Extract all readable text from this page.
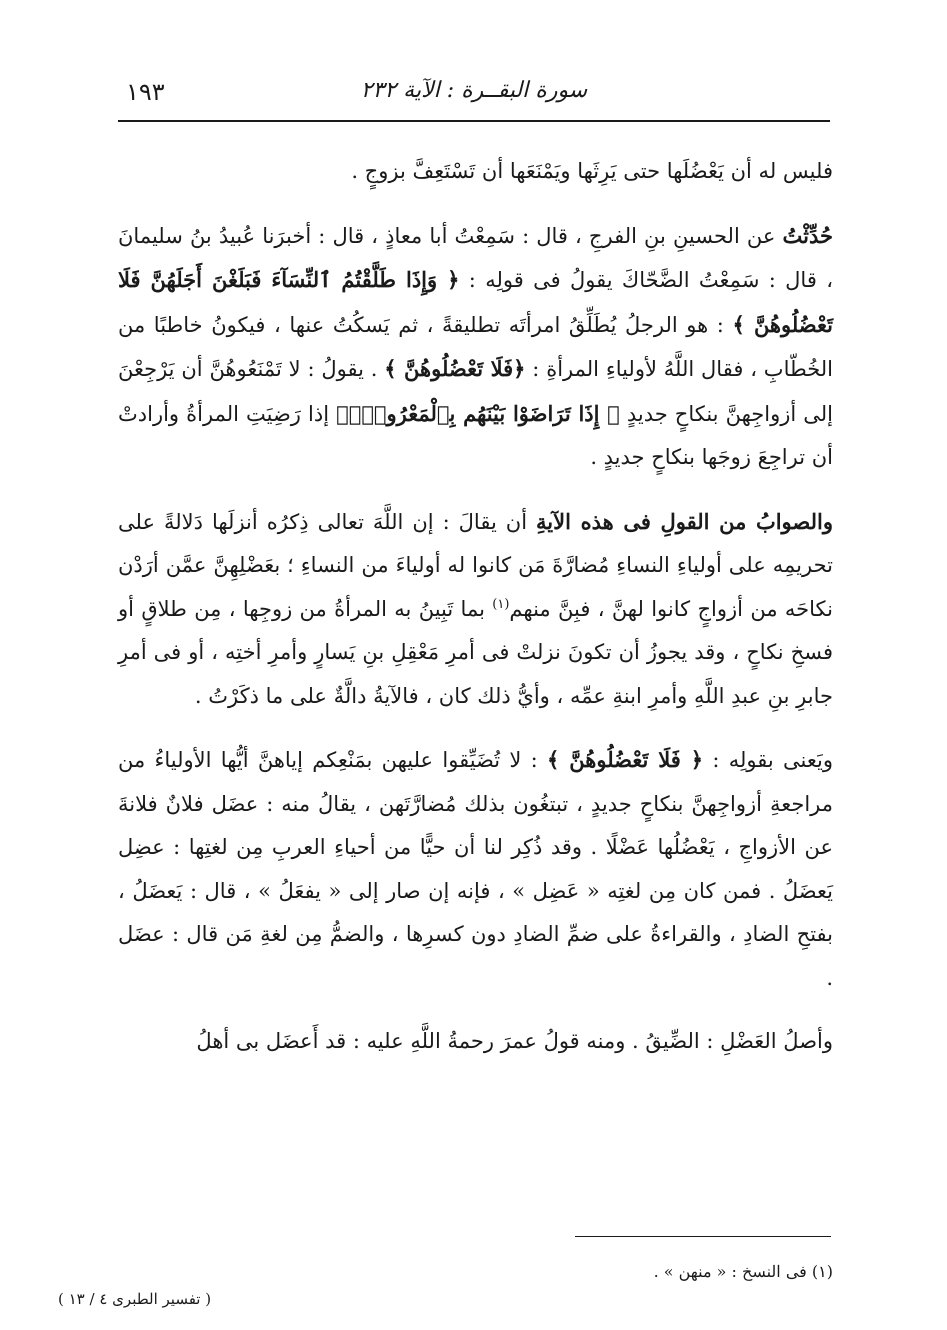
١٩٣	سورة البقــرة : الآية ٢٣٢

فليس له أن يَعْضُلَها حتى يَرِثَها ويَمْنَعَها أن تَسْتَعِفَّ بزوجٍ .

حُدِّثْتُ عن الحسينِ بنِ الفرجِ ، قال : سَمِعْتُ أبا معاذٍ ، قال : أخبرَنا عُبيدُ بنُ سليمانَ ، قال : سَمِعْتُ الضَّحّاكَ يقولُ فى قولِه : ﴿ وَإِذَا طَلَّقْتُمُ ٱلنِّسَآءَ فَبَلَغْنَ أَجَلَهُنَّ فَلَا تَعْضُلُوهُنَّ ﴾ : هو الرجلُ يُطَلِّقُ امرأتَه تطليقةً ، ثم يَسكُتُ عنها ، فيكونُ خاطبًا من الخُطّابِ ، فقال اللَّهُ لأولياءِ المرأةِ : ﴿فَلَا تَعْضُلُوهُنَّ ﴾ . يقولُ : لا تَمْنَعُوهُنَّ أن يَرْجِعْنَ إلى أزواجِهنَّ بنكاحٍ جديدٍ ﴿ إِذَا تَرَاضَوْا بَيْنَهُم بِٱلْمَعْرُوفِۗ﴾ إذا رَضِيَتِ المرأةُ وأرادتْ أن تراجِعَ زوجَها بنكاحٍ جديدٍ .

والصوابُ من القولِ فى هذه الآيةِ أن يقالَ : إن اللَّهَ تعالى ذِكرُه أنزلَها دَلالةً على تحريمِه على أولياءِ النساءِ مُضارَّةَ مَن كانوا له أولياءَ من النساءِ ؛ بعَضْلِهِنَّ عمَّن أرَدْن نكاحَه من أزواجٍ كانوا لهنَّ ، فبِنَّ منهم$^{(١)}$ بما تَبِينُ به المرأةُ من زوجِها ، مِن طلاقٍ أو فسخِ نكاحٍ ، وقد يجوزُ أن تكونَ نزلتْ فى أمرِ مَعْقِلِ بنِ يَسارٍ وأمرِ أختِه ، أو فى أمرِ جابرِ بنِ عبدِ اللَّهِ وأمرِ ابنةِ عمِّه ، وأيُّ ذلك كان ، فالآيةُ دالَّةٌ على ما ذكَرْتُ .

ويَعنى بقولِه : ﴿ فَلَا تَعْضُلُوهُنَّ ﴾ : لا تُضَيِّقوا عليهن بمَنْعِكم إياهنَّ أيُّها الأولياءُ من مراجعةِ أزواجِهنَّ بنكاحٍ جديدٍ ، تبتغُون بذلك مُضارَّتَهن ، يقالُ منه : عضَل فلانٌ فلانةَ عن الأزواجِ ، يَعْضُلُها عَضْلًا . وقد ذُكِر لنا أن حيًّا من أحياءِ العربِ مِن لغتِها : عضِل يَعضَلُ . فمن كان مِن لغتِه « عَضِل » ، فإنه إن صار إلى « يفعَلُ » ، قال : يَعضَلُ ، بفتحِ الضادِ ، والقراءةُ على ضمِّ الضادِ دون كسرِها ، والضمُّ مِن لغةِ مَن قال : عضَل .

وأصلُ العَضْلِ : الضِّيقُ . ومنه قولُ عمرَ رحمةُ اللَّهِ عليه : قد أَعضَل بى أهلُ

(١) فى النسخ : « منهن » .
( تفسير الطبرى ٤ / ١٣ )
